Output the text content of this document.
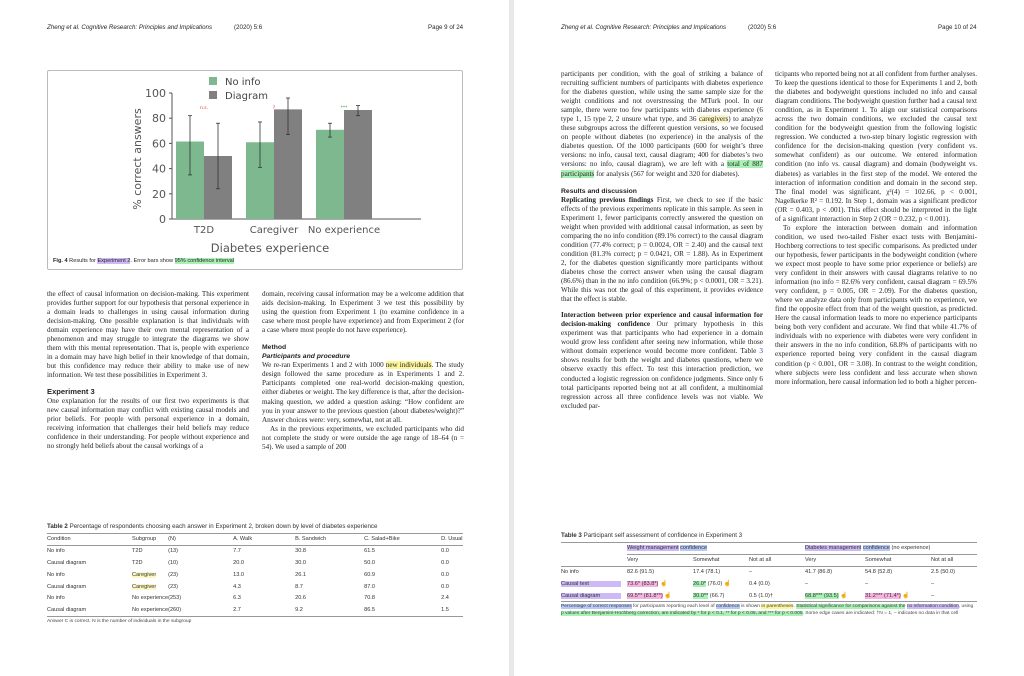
Zheng et al. Cognitive Research: Principles and Implications	(2020) 5:6	Page 9 of 24
No info
Diagram
0
20
40
60
80
100
% correct answers	n.s.	?	***
T2D	Caregiver No experience
Diabetes experience
Fig. 4 Results for Experiment 2. Error bars show 95% confidence interval

the effect of causal information on decision-making. This experiment provides further support for our hypothesis that personal experience in a domain leads to challenges in using causal information during decision-making. One possible explanation is that individuals with domain experience may have their own mental representation of a phenomenon and may struggle to integrate the diagrams we show them with this mental representation. That is, people with experience in a domain may have high belief in their knowledge of that domain, but this confidence may reduce their ability to make use of new information. We test these possibilities in Experiment 3.

Experiment 3

One explanation for the results of our first two experiments is that new causal information may conflict with existing causal models and prior beliefs. For people with personal experience in a domain, receiving information that challenges their held beliefs may reduce confidence in their understanding. For people without experience and no strongly held beliefs about the causal workings of a

domain, receiving causal information may be a welcome addition that aids decision-making. In Experiment 3 we test this possibility by using the question from Experiment 1 (to examine confidence in a case where most people have experience) and from Experiment 2 (for a case where most people do not have experience).

Method
Participants and procedure

We re-ran Experiments 1 and 2 with 1000 new individuals. The study design followed the same procedure as in Experiments 1 and 2. Participants completed one real-world decision-making question, either diabetes or weight. The key difference is that, after the decision-making question, we added a question asking: “How confident are you in your answer to the previous question (about diabetes/weight)?” Answer choices were: very, somewhat, not at all.

As in the previous experiments, we excluded participants who did not complete the study or were outside the age range of 18–64 (n = 54). We used a sample of 200

Table 2 Percentage of respondents choosing each answer in Experiment 2, broken down by level of diabetes experience
Condition	Subgroup	(N)	A. Walk	B. Sandwich	C. Salad+Bike	D. Usual
No info	T2D	(13)	7.7	30.8	61.5	0.0
Causal diagram	T2D	(10)	20.0	30.0	50.0	0.0
No info	Caregiver	(23)	13.0	26.1	60.9	0.0
Causal diagram	Caregiver	(23)	4.3	8.7	87.0	0.0
No info	No experience	(253)	6.3	20.6	70.8	2.4
Causal diagram	No experience	(260)	2.7	9.2	86.5	1.5
Answer C is correct. N is the number of individuals in the subgroup
Zheng et al. Cognitive Research: Principles and Implications	(2020) 5:6	Page 10 of 24

participants per condition, with the goal of striking a balance of recruiting sufficient numbers of participants with diabetes experience for the diabetes question, while using the same sample size for the weight conditions and not overstressing the MTurk pool. In our sample, there were too few participants with diabetes experience (6 type 1, 15 type 2, 2 unsure what type, and 36 caregivers) to analyze these subgroups across the different question versions, so we focused on people without diabetes (no experience) in the analysis of the diabetes question. Of the 1000 participants (600 for weight’s three versions: no info, causal text, causal diagram; 400 for diabetes’s two versions: no info, causal diagram), we are left with a total of 887 participants for analysis (567 for weight and 320 for diabetes).

Results and discussion

Replicating previous findings First, we check to see if the basic effects of the previous experiments replicate in this sample. As seen in Experiment 1, fewer participants correctly answered the question on weight when provided with additional causal information, as seen by comparing the no info condition (89.1% correct) to the causal diagram condition (77.4% correct; p = 0.0024, OR = 2.40) and the causal text condition (81.3% correct; p = 0.0421, OR = 1.88). As in Experiment 2, for the diabetes question significantly more participants without diabetes chose the correct answer when using the causal diagram (86.6%) than in the no info condition (66.9%; p < 0.0001, OR = 3.21). While this was not the goal of this experiment, it provides evidence that the effect is stable.

Interaction between prior experience and causal information for decision-making confidence Our primary hypothesis in this experiment was that participants who had experience in a domain would grow less confident after seeing new information, while those without domain experience would become more confident. Table 3 shows results for both the weight and diabetes questions, where we observe exactly this effect. To test this interaction prediction, we conducted a logistic regression on confidence judgments. Since only 6 total participants reported being not at all confident, a multinomial regression across all three confidence levels was not viable. We excluded par-

ticipants who reported being not at all confident from further analyses. To keep the questions identical to those for Experiments 1 and 2, both the diabetes and bodyweight questions included no info and causal diagram conditions. The bodyweight question further had a causal text condition, as in Experiment 1. To align our statistical comparisons across the two domain conditions, we excluded the causal text condition for the bodyweight question from the following logistic regression. We conducted a two-step binary logistic regression with confidence for the decision-making question (very confident vs. somewhat confident) as our outcome. We entered information condition (no info vs. causal diagram) and domain (bodyweight vs. diabetes) as variables in the first step of the model. We entered the interaction of information condition and domain in the second step. The final model was significant, χ²(4) = 102.66, p < 0.001, Nagelkerke R² = 0.192. In Step 1, domain was a significant predictor (OR = 0.403, p < .001). This effect should be interpreted in the light of a significant interaction in Step 2 (OR = 0.232, p < 0.001).

To explore the interaction between domain and information condition, we used two-tailed Fisher exact tests with Benjamini-Hochberg corrections to test specific comparisons. As predicted under our hypothesis, fewer participants in the bodyweight condition (where we expect most people to have some prior experience or beliefs) are very confident in their answers with causal diagrams relative to no information (no info = 82.6% very confident, causal diagram = 69.5% very confident, p = 0.005, OR = 2.09). For the diabetes question, where we analyze data only from participants with no experience, we find the opposite effect from that of the weight question, as predicted. Here the causal information leads to more no experience participants being both very confident and accurate. We find that while 41.7% of individuals with no experience with diabetes were very confident in their answers in the no info condition, 68.8% of participants with no experience reported being very confident in the causal diagram condition (p < 0.001, OR = 3.08). In contrast to the weight condition, where subjects were less confident and less accurate when shown more information, here causal information led to both a higher percen-

Table 3 Participant self assessment of confidence in Experiment 3
	Weight management confidence			Diabetes management confidence (no experience)		
	Very	Somewhat	Not at all	Very	Somewhat	Not at all
No info	82.6 (91.5)	17.4 (78.1)	–	41.7 (86.8)	54.8 (52.8)	2.5 (50.0)
Causal text	73.6* (83.8*) ☝	26.0* (76.0) ☝	0.4 (0.0)	–	–	–
Causal diagram	69.5** (81.8**) ☝	30.0** (66.7)	0.5 (1.0)†	68.8*** (93.5) ☝	31.2*** (71.4*) ☝	–
Percentage of correct responses for participants reporting each level of confidence is shown in parentheses. Statistical significance for comparisons against the no information condition, using p values after Benjamini-Hochberg correction, are indicated by * for p < 0.1, ** for p < 0.05, and *** for p < 0.005. Some edge cases are indicated: †N = 1, – indicates no data in that cell
